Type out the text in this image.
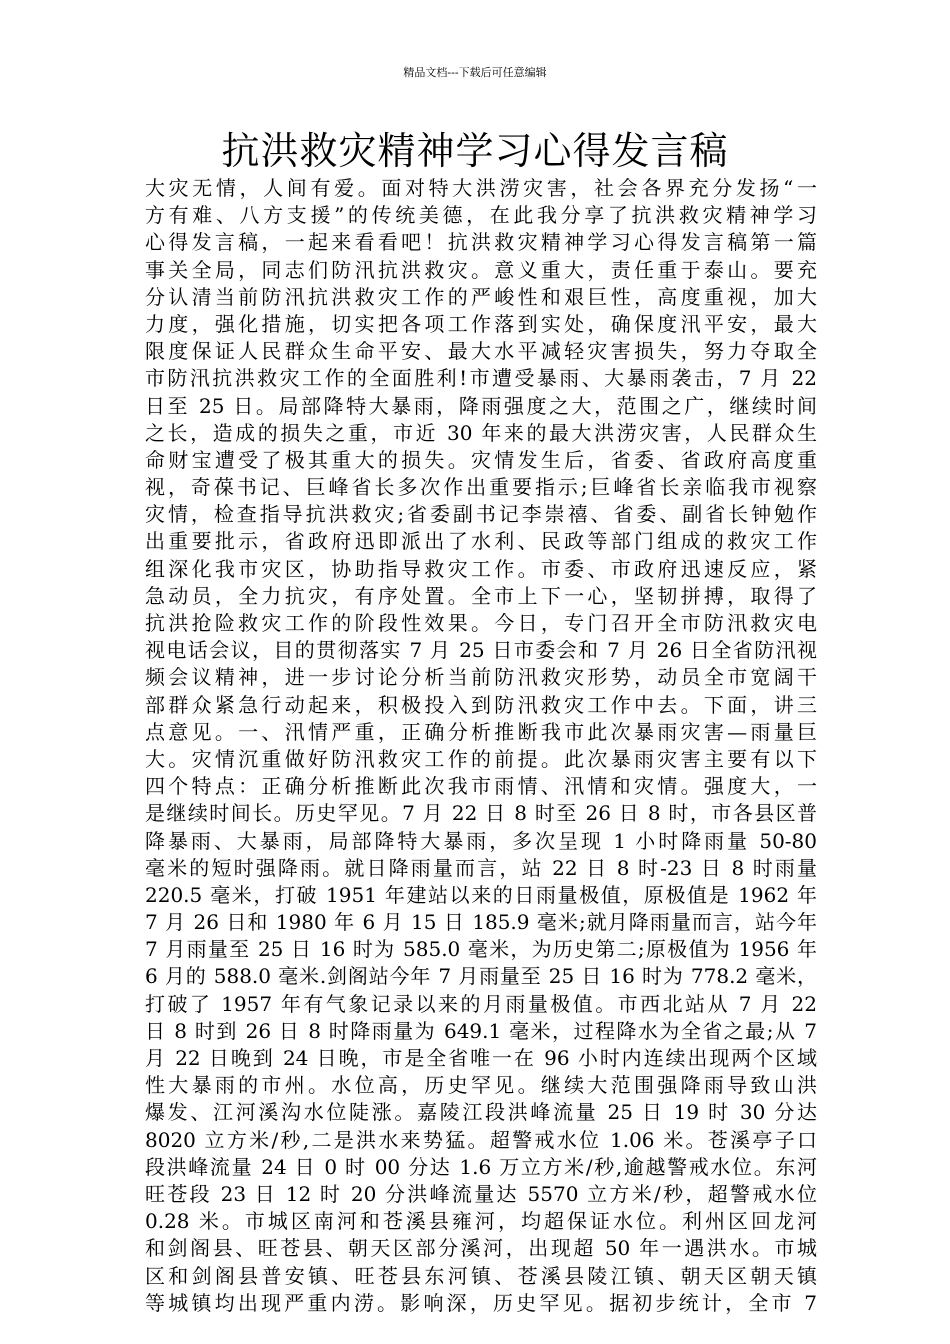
精品文档---下载后可任意编辑
抗洪救灾精神学习心得发言稿
大灾无情，人间有爱。面对特大洪涝灾害，社会各界充分发扬“一
方有难、八方支援”的传统美德，在此我分享了抗洪救灾精神学习
心得发言稿，一起来看看吧！抗洪救灾精神学习心得发言稿第一篇
事关全局，同志们防汛抗洪救灾。意义重大，责任重于泰山。要充
分认清当前防汛抗洪救灾工作的严峻性和艰巨性，高度重视，加大
力度，强化措施，切实把各项工作落到实处，确保度汛平安，最大
限度保证人民群众生命平安、最大水平减轻灾害损失，努力夺取全
市防汛抗洪救灾工作的全面胜利!市遭受暴雨、大暴雨袭击，7 月 22
日至 25 日。局部降特大暴雨，降雨强度之大，范围之广，继续时间
之长，造成的损失之重，市近 30 年来的最大洪涝灾害，人民群众生
命财宝遭受了极其重大的损失。灾情发生后，省委、省政府高度重
视，奇葆书记、巨峰省长多次作出重要指示;巨峰省长亲临我市视察
灾情，检查指导抗洪救灾;省委副书记李崇禧、省委、副省长钟勉作
出重要批示，省政府迅即派出了水利、民政等部门组成的救灾工作
组深化我市灾区，协助指导救灾工作。市委、市政府迅速反应，紧
急动员，全力抗灾，有序处置。全市上下一心，坚韧拼搏，取得了
抗洪抢险救灾工作的阶段性效果。今日，专门召开全市防汛救灾电
视电话会议，目的贯彻落实 7 月 25 日市委会和 7 月 26 日全省防汛视
频会议精神，进一步讨论分析当前防汛救灾形势，动员全市宽阔干
部群众紧急行动起来，积极投入到防汛救灾工作中去。下面，讲三
点意见。一、汛情严重，正确分析推断我市此次暴雨灾害—雨量巨
大。灾情沉重做好防汛救灾工作的前提。此次暴雨灾害主要有以下
四个特点：正确分析推断此次我市雨情、汛情和灾情。强度大，一
是继续时间长。历史罕见。7 月 22 日 8 时至 26 日 8 时，市各县区普
降暴雨、大暴雨，局部降特大暴雨，多次呈现 1 小时降雨量 50-80
毫米的短时强降雨。就日降雨量而言，站 22 日 8 时-23 日 8 时雨量
220.5 毫米，打破 1951 年建站以来的日雨量极值，原极值是 1962 年
7 月 26 日和 1980 年 6 月 15 日 185.9 毫米;就月降雨量而言，站今年
7 月雨量至 25 日 16 时为 585.0 毫米，为历史第二;原极值为 1956 年
6 月的 588.0 毫米.剑阁站今年 7 月雨量至 25 日 16 时为 778.2 毫米，
打破了 1957 年有气象记录以来的月雨量极值。市西北站从 7 月 22
日 8 时到 26 日 8 时降雨量为 649.1 毫米，过程降水为全省之最;从 7
月 22 日晚到 24 日晚，市是全省唯一在 96 小时内连续出现两个区域
性大暴雨的市州。水位高，历史罕见。继续大范围强降雨导致山洪
爆发、江河溪沟水位陡涨。嘉陵江段洪峰流量 25 日 19 时 30 分达
8020 立方米/秒,二是洪水来势猛。超警戒水位 1.06 米。苍溪亭子口
段洪峰流量 24 日 0 时 00 分达 1.6 万立方米/秒,逾越警戒水位。东河
旺苍段 23 日 12 时 20 分洪峰流量达 5570 立方米/秒，超警戒水位
0.28 米。市城区南河和苍溪县雍河，均超保证水位。利州区回龙河
和剑阁县、旺苍县、朝天区部分溪河，出现超 50 年一遇洪水。市城
区和剑阁县普安镇、旺苍县东河镇、苍溪县陵江镇、朝天区朝天镇
等城镇均出现严重内涝。影响深，历史罕见。据初步统计，全市 7
